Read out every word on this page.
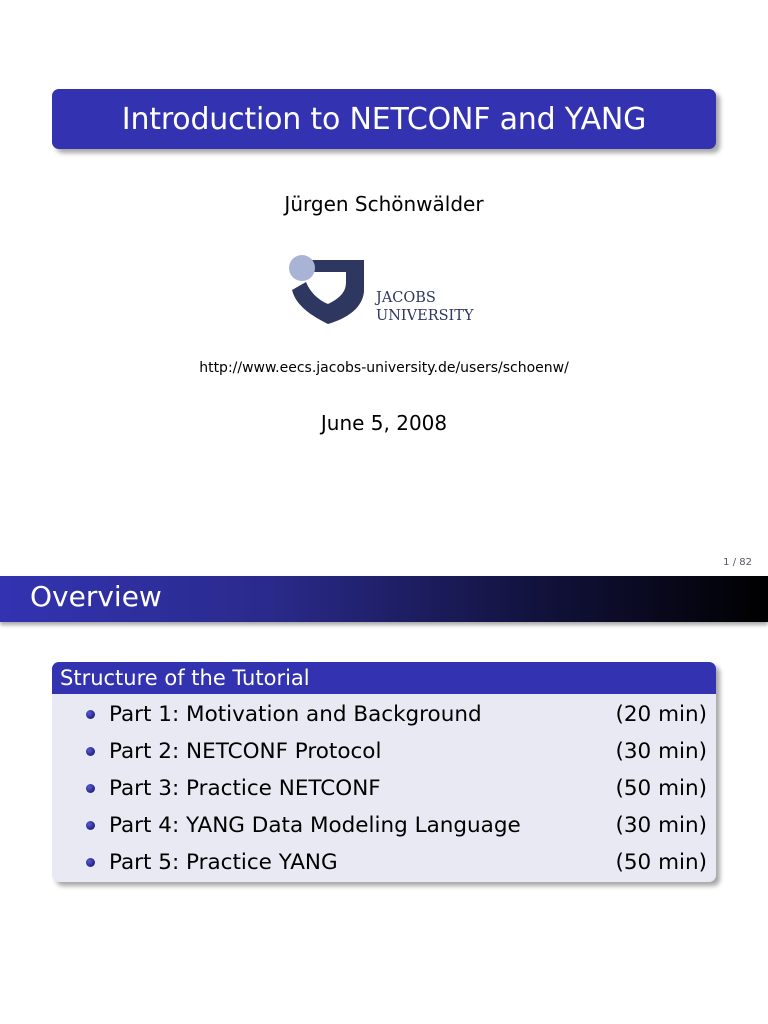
Introduction to NETCONF and YANG
Jürgen Schönwälder
JACOBS
UNIVERSITY
http://www.eecs.jacobs-university.de/users/schoenw/
June 5, 2008
1 / 82
Overview
Structure of the Tutorial
Part 1: Motivation and Background	(20 min)
Part 2: NETCONF Protocol	(30 min)
Part 3: Practice NETCONF	(50 min)
Part 4: YANG Data Modeling Language	(30 min)
Part 5: Practice YANG	(50 min)
